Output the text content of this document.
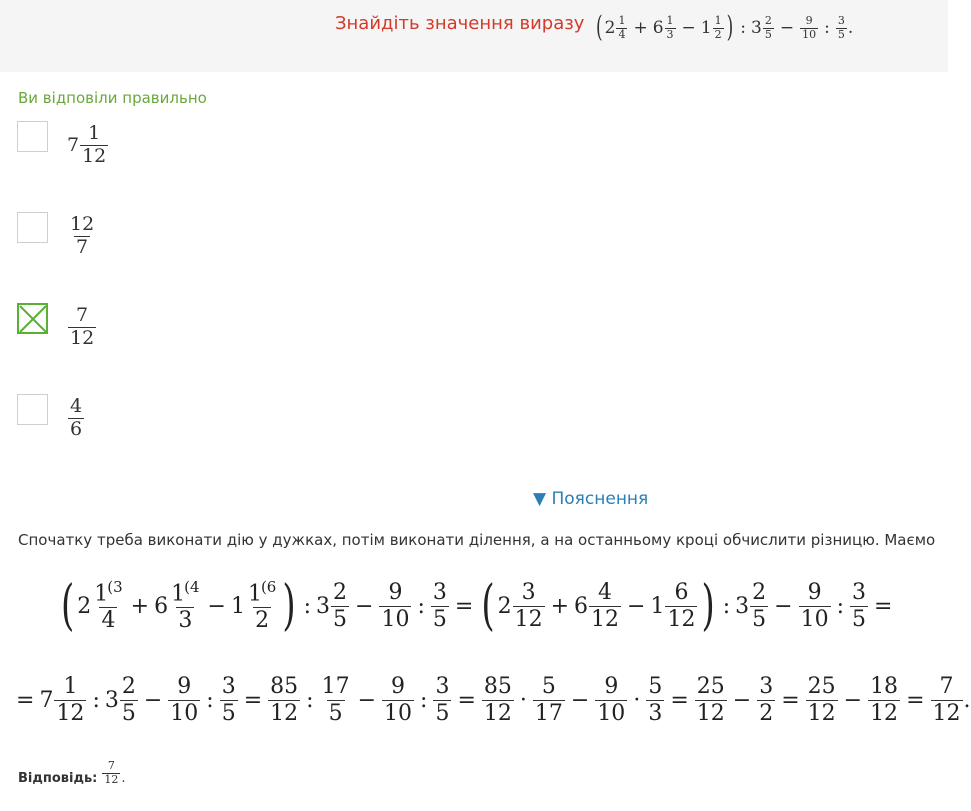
Знайдіть значення виразу ( $2 \frac{1}{4} + 6 \frac{1}{3} - 1 \frac{1}{2}$ ) : $3 \frac{2}{5} - \frac{9}{10}$ : $\frac{3}{5}$ .
Ви відповіли правильно
$7 \frac{1}{12}$
$\frac{12}{7}$
$\frac{7}{12}$
$\frac{4}{6}$
▼ Пояснення
Спочатку треба виконати дію у дужках, потім виконати ділення, а на останньому кроці обчислити різницю. Маємо
( $2 \frac{1^{(3}}{4} + 6 \frac{1^{(4}}{3} - 1 \frac{1^{(6}}{2}$ ) : $3 \frac{2}{5} - \frac{9}{10}$ : $\frac{3}{5}$ = ( $2 \frac{3}{12} + 6 \frac{4}{12} - 1 \frac{6}{12}$ ) : $3 \frac{2}{5} - \frac{9}{10}$ : $\frac{3}{5}$ =
= $7 \frac{1}{12}$ : $3 \frac{2}{5} - \frac{9}{10}$ : $\frac{3}{5} = \frac{85}{12}$ : $\frac{17}{5} - \frac{9}{10}$ : $\frac{3}{5} = \frac{85}{12} \cdot \frac{5}{17} - \frac{9}{10} \cdot \frac{5}{3} = \frac{25}{12} - \frac{3}{2} = \frac{25}{12} - \frac{18}{12} = \frac{7}{12}$ .
Відповідь: $\frac{7}{12}$ .
